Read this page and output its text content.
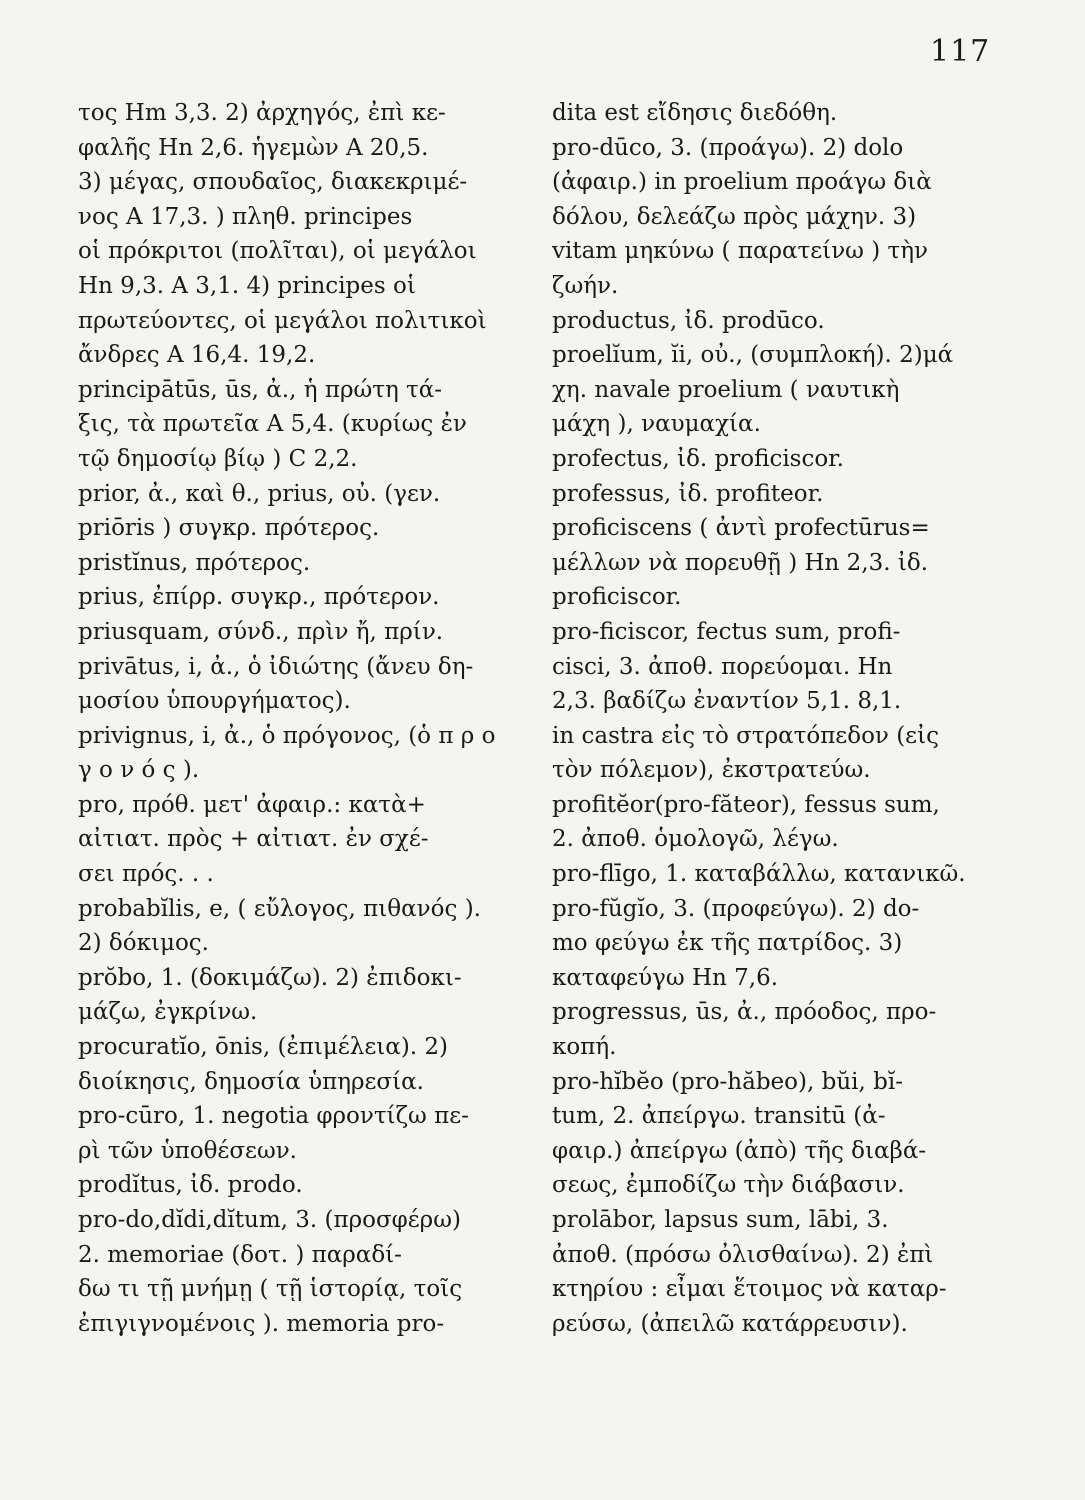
117
τος Hm 3,3. 2) ἀρχηγός, ἐπὶ κε-
φαλῆς Hn 2,6. ἡγεμὼν A 20,5.
3) μέγας, σπουδαῖος, διακεκριμέ-
νος A 17,3. ) πληθ. principes
οἱ πρόκριτοι (πολῖται), οἱ μεγάλοι
Hn 9,3. A 3,1. 4) principes οἱ
πρωτεύοντες, οἱ μεγάλοι πολιτικοὶ
ἄνδρες A 16,4. 19,2.
principātūs, ūs, ἀ., ἡ πρώτη τά-
ξις, τὰ πρωτεῖα A 5,4. (κυρίως ἐν
τῷ δημοσίῳ βίῳ ) C 2,2.
prior, ἀ., καὶ θ., prius, οὐ. (γεν.
priōris ) συγκρ. πρότερος.
pristĭnus, πρότερος.
prius, ἐπίρρ. συγκρ., πρότερον.
priusquam, σύνδ., πρὶν ἤ, πρίν.
privātus, i, ἀ., ὁ ἰδιώτης (ἄνευ δη-
μοσίου ὑπουργήματος).
privignus, i, ἀ., ὁ πρόγονος, (ὁ π ρ ο
γ ο ν ό ς ).
pro, πρόθ. μετ' ἀφαιρ.: κατὰ+
αἰτιατ. πρὸς + αἰτιατ. ἐν σχέ-
σει πρός. . .
probabĭlis, e, ( εὔλογος, πιθανός ).
2) δόκιμος.
prŏbo, 1. (δοκιμάζω). 2) ἐπιδοκι-
μάζω, ἐγκρίνω.
procuratĭo, ōnis, (ἐπιμέλεια). 2)
διοίκησις, δημοσία ὑπηρεσία.
pro-cūro, 1. negotia φροντίζω πε-
ρὶ τῶν ὑποθέσεων.
prodĭtus, ἰδ. prodo.
pro-do,dĭdi,dĭtum, 3. (προσφέρω)
2. memoriae (δοτ. ) παραδί-
δω τι τῇ μνήμῃ ( τῇ ἱστορίᾳ, τοῖς
ἐπιγιγνομένοις ). memoria pro-
dita est εἴδησις διεδόθη.
pro-dūco, 3. (προάγω). 2) dolo
(ἀφαιρ.) in proelium προάγω διὰ
δόλου, δελεάζω πρὸς μάχην. 3)
vitam μηκύνω ( παρατείνω ) τὴν
ζωήν.
productus, ἰδ. prodūco.
proelĭum, ĭi, οὐ., (συμπλοκή). 2)μά
χη. navale proelium ( ναυτικὴ
μάχη ), ναυμαχία.
profectus, ἰδ. proficiscor.
professus, ἰδ. profiteor.
proficiscens ( ἀντὶ profectūrus=
μέλλων νὰ πορευθῇ ) Hn 2,3. ἰδ.
proficiscor.
pro-ficiscor, fectus sum, profi-
cisci, 3. ἀποθ. πορεύομαι. Hn
2,3. βαδίζω ἐναντίον 5,1. 8,1.
in castra εἰς τὸ στρατόπεδον (εἰς
τὸν πόλεμον), ἐκστρατεύω.
profitĕor(pro-făteor), fessus sum,
2. ἀποθ. ὁμολογῶ, λέγω.
pro-flīgo, 1. καταβάλλω, κατανικῶ.
pro-fŭgĭo, 3. (προφεύγω). 2) do-
mo φεύγω ἐκ τῆς πατρίδος. 3)
καταφεύγω Hn 7,6.
progressus, ūs, ἀ., πρόοδος, προ-
κοπή.
pro-hĭbĕo (pro-hăbeo), bŭi, bĭ-
tum, 2. ἀπείργω. transitū (ἀ-
φαιρ.) ἀπείργω (ἀπὸ) τῆς διαβά-
σεως, ἐμποδίζω τὴν διάβασιν.
prolābor, lapsus sum, lābi, 3.
ἀποθ. (πρόσω ὀλισθαίνω). 2) ἐπὶ
κτηρίου : εἶμαι ἕτοιμος νὰ καταρ-
ρεύσω, (ἀπειλῶ κατάρρευσιν).
